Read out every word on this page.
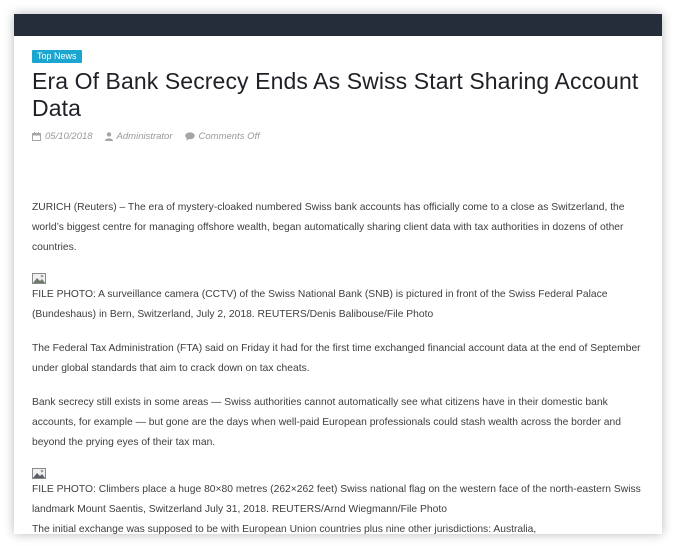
Top News
Era Of Bank Secrecy Ends As Swiss Start Sharing Account Data
05/10/2018	Administrator	Comments Off

ZURICH (Reuters) – The era of mystery-cloaked numbered Swiss bank accounts has officially come to a close as Switzerland, the world’s biggest centre for managing offshore wealth, began automatically sharing client data with tax authorities in dozens of other countries.

FILE PHOTO: A surveillance camera (CCTV) of the Swiss National Bank (SNB) is pictured in front of the Swiss Federal Palace (Bundeshaus) in Bern, Switzerland, July 2, 2018. REUTERS/Denis Balibouse/File Photo

The Federal Tax Administration (FTA) said on Friday it had for the first time exchanged financial account data at the end of September under global standards that aim to crack down on tax cheats.

Bank secrecy still exists in some areas — Swiss authorities cannot automatically see what citizens have in their domestic bank accounts, for example — but gone are the days when well-paid European professionals could stash wealth across the border and beyond the prying eyes of their tax man.

FILE PHOTO: Climbers place a huge 80×80 metres (262×262 feet) Swiss national flag on the western face of the north-eastern Swiss landmark Mount Saentis, Switzerland July 31, 2018. REUTERS/Arnd Wiegmann/File Photo

The initial exchange was supposed to be with European Union countries plus nine other jurisdictions: Australia,
